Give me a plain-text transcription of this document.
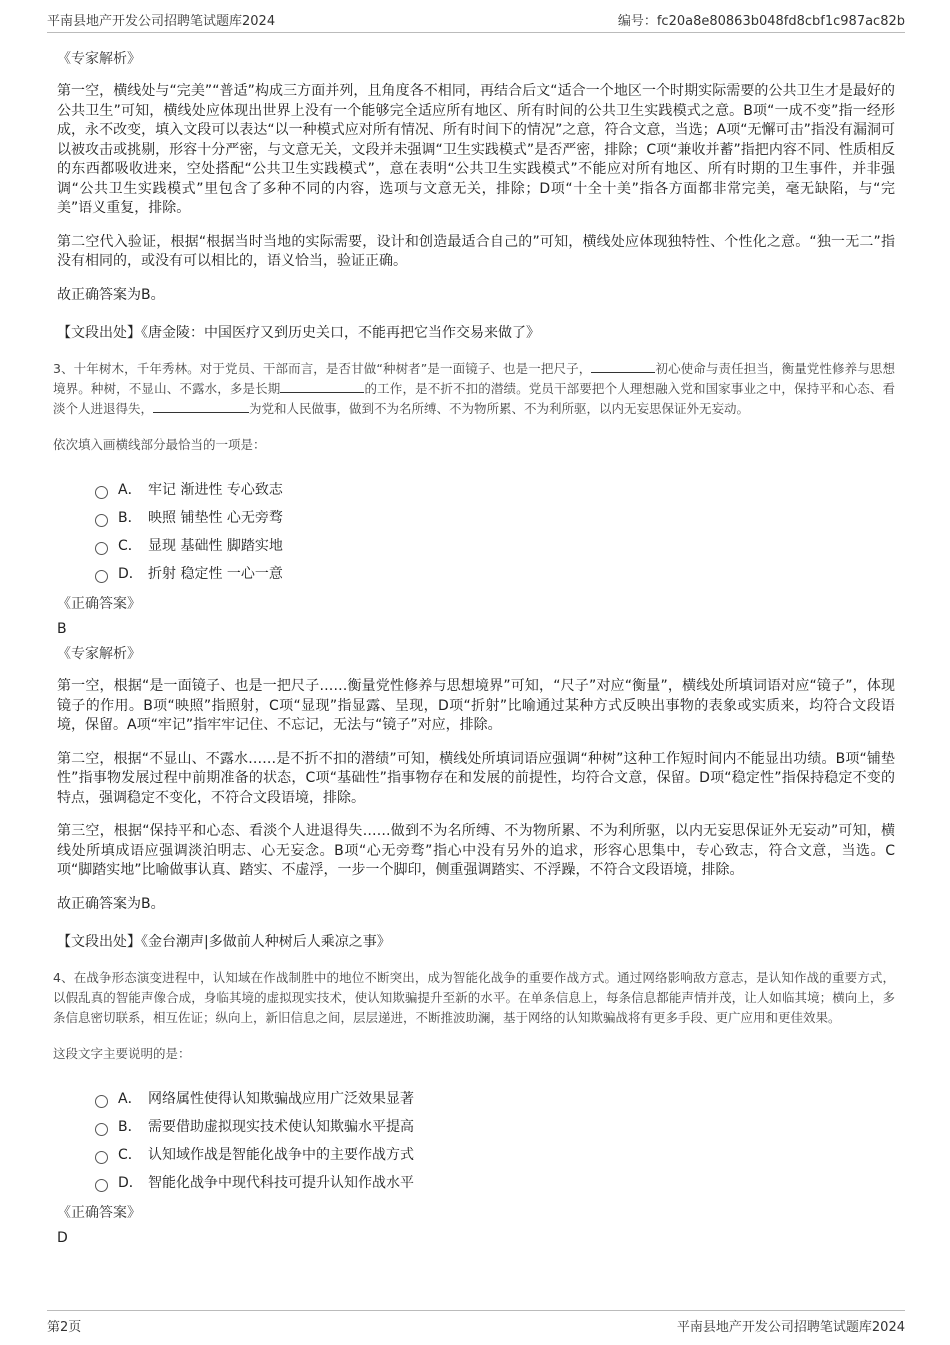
平南县地产开发公司招聘笔试题库2024	编号：fc20a8e80863b048fd8cbf1c987ac82b
《专家解析》

第一空，横线处与“完美”“普适”构成三方面并列，且角度各不相同，再结合后文“适合一个地区一个时期实际需要的公共卫生才是最好的公共卫生”可知，横线处应体现出世界上没有一个能够完全适应所有地区、所有时间的公共卫生实践模式之意。B项“一成不变”指一经形成，永不改变，填入文段可以表达“以一种模式应对所有情况、所有时间下的情况”之意，符合文意，当选；A项“无懈可击”指没有漏洞可以被攻击或挑剔，形容十分严密，与文意无关，文段并未强调“卫生实践模式”是否严密，排除；C项“兼收并蓄”指把内容不同、性质相反的东西都吸收进来，空处搭配“公共卫生实践模式”，意在表明“公共卫生实践模式”不能应对所有地区、所有时期的卫生事件，并非强调“公共卫生实践模式”里包含了多种不同的内容，选项与文意无关，排除；D项“十全十美”指各方面都非常完美，毫无缺陷，与“完美”语义重复，排除。

第二空代入验证，根据“根据当时当地的实际需要，设计和创造最适合自己的”可知，横线处应体现独特性、个性化之意。“独一无二”指没有相同的，或没有可以相比的，语义恰当，验证正确。

故正确答案为B。

【文段出处】《唐金陵：中国医疗又到历史关口，不能再把它当作交易来做了》

3、十年树木，千年秀林。对于党员、干部而言，是否甘做“种树者”是一面镜子、也是一把尺子，	初心使命与责任担当，衡量党性修养与思想境界。种树，不显山、不露水，多是长期	的工作，是不折不扣的潜绩。党员干部要把个人理想融入党和国家事业之中，保持平和心态、看淡个人进退得失，	为党和人民做事，做到不为名所缚、不为物所累、不为利所驱，以内无妄思保证外无妄动。
依次填入画横线部分最恰当的一项是：
A． 牢记 渐进性 专心致志
B． 映照 铺垫性 心无旁骛
C． 显现 基础性 脚踏实地
D． 折射 稳定性 一心一意
《正确答案》

B

《专家解析》

第一空，根据“是一面镜子、也是一把尺子……衡量党性修养与思想境界”可知，“尺子”对应“衡量”，横线处所填词语对应“镜子”，体现镜子的作用。B项“映照”指照射，C项“显现”指显露、呈现，D项“折射”比喻通过某种方式反映出事物的表象或实质来，均符合文段语境，保留。A项“牢记”指牢牢记住、不忘记，无法与“镜子”对应，排除。

第二空，根据“不显山、不露水……是不折不扣的潜绩”可知，横线处所填词语应强调“种树”这种工作短时间内不能显出功绩。B项“铺垫性”指事物发展过程中前期准备的状态，C项“基础性”指事物存在和发展的前提性，均符合文意，保留。D项“稳定性”指保持稳定不变的特点，强调稳定不变化，不符合文段语境，排除。

第三空，根据“保持平和心态、看淡个人进退得失……做到不为名所缚、不为物所累、不为利所驱，以内无妄思保证外无妄动”可知，横线处所填成语应强调淡泊明志、心无妄念。B项“心无旁骛”指心中没有另外的追求，形容心思集中，专心致志，符合文意，当选。C项“脚踏实地”比喻做事认真、踏实、不虚浮，一步一个脚印，侧重强调踏实、不浮躁，不符合文段语境，排除。

故正确答案为B。

【文段出处】《金台潮声|多做前人种树后人乘凉之事》

4、在战争形态演变进程中，认知域在作战制胜中的地位不断突出，成为智能化战争的重要作战方式。通过网络影响敌方意志，是认知作战的重要方式，以假乱真的智能声像合成，身临其境的虚拟现实技术，使认知欺骗提升至新的水平。在单条信息上，每条信息都能声情并茂，让人如临其境；横向上，多条信息密切联系，相互佐证；纵向上，新旧信息之间，层层递进，不断推波助澜，基于网络的认知欺骗战将有更多手段、更广应用和更佳效果。
这段文字主要说明的是：
A． 网络属性使得认知欺骗战应用广泛效果显著
B． 需要借助虚拟现实技术使认知欺骗水平提高
C． 认知域作战是智能化战争中的主要作战方式
D． 智能化战争中现代科技可提升认知作战水平
《正确答案》

D

第2页	平南县地产开发公司招聘笔试题库2024
